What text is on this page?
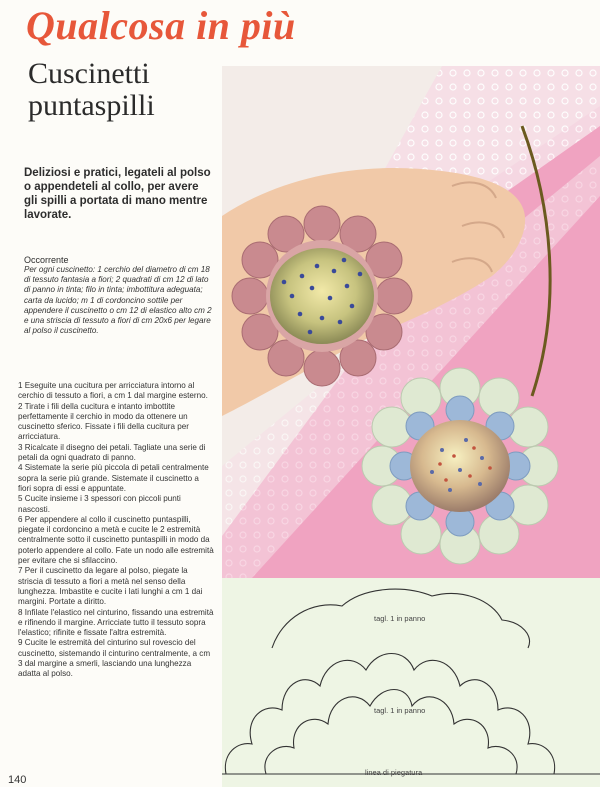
Qualcosa in più
Cuscinetti puntaspilli
Deliziosi e pratici, legateli al polso o appendeteli al collo, per avere gli spilli a portata di mano mentre lavorate.
Occorrente
Per ogni cuscinetto: 1 cerchio del diametro di cm 18 di tessuto fantasia a fiori; 2 quadrati di cm 12 di lato di panno in tinta; filo in tinta; imbottitura adeguata; carta da lucido; m 1 di cordoncino sottile per appendere il cuscinetto o cm 12 di elastico alto cm 2 e una striscia di tessuto a fiori di cm 20x6 per legare al polso il cuscinetto.

1 Eseguite una cucitura per arricciatura intorno al cerchio di tessuto a fiori, a cm 1 dal margine esterno.

2 Tirate i fili della cucitura e intanto imbottite perfettamente il cerchio in modo da ottenere un cuscinetto sferico. Fissate i fili della cucitura per arricciatura.

3 Ricalcate il disegno dei petali. Tagliate una serie di petali da ogni quadrato di panno.

4 Sistemate la serie più piccola di petali centralmente sopra la serie più grande. Sistemate il cuscinetto a fiori sopra di essi e appuntate.

5 Cucite insieme i 3 spessori con piccoli punti nascosti.

6 Per appendere al collo il cuscinetto puntaspilli, piegate il cordoncino a metà e cucite le 2 estremità centralmente sotto il cuscinetto puntaspilli in modo da poterlo appendere al collo. Fate un nodo alle estremità per evitare che si sfilaccino.

7 Per il cuscinetto da legare al polso, piegate la striscia di tessuto a fiori a metà nel senso della lunghezza. Imbastite e cucite i lati lunghi a cm 1 dai margini. Portate a diritto.

8 Infilate l'elastico nel cinturino, fissando una estremità e rifinendo il margine. Arricciate tutto il tessuto sopra l'elastico; rifinite e fissate l'altra estremità.

9 Cucite le estremità del cinturino sul rovescio del cuscinetto, sistemando il cinturino centralmente, a cm 3 dal margine a smerli, lasciando una lunghezza adatta al polso.

140
tagl. 1 in panno
tagl. 1 in panno
linea di piegatura
